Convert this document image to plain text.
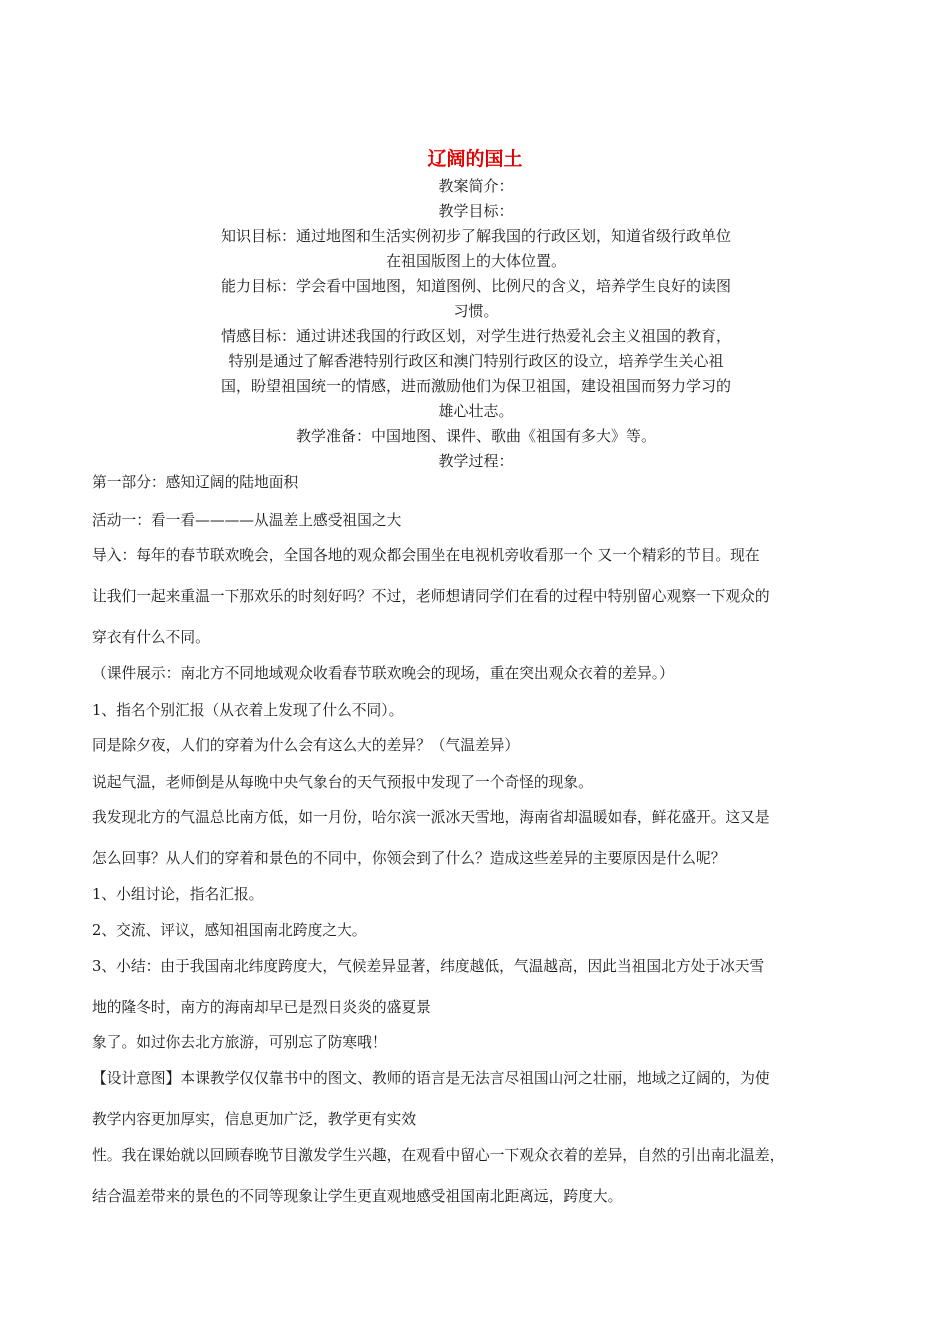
辽阔的国土

教案简介：

教学目标：

知识目标：通过地图和生活实例初步了解我国的行政区划，知道省级行政单位

在祖国版图上的大体位置。

能力目标：学会看中国地图，知道图例、比例尺的含义，培养学生良好的读图

习惯。

情感目标：通过讲述我国的行政区划，对学生进行热爱礼会主义祖国的教育，

特别是通过了解香港特别行政区和澳门特别行政区的设立，培养学生关心祖

国，盼望祖国统一的情感，进而激励他们为保卫祖国，建设祖国而努力学习的

雄心壮志。

教学准备：中国地图、课件、歌曲《祖国有多大》等。

教学过程：

第一部分：感知辽阔的陆地面积
活动一：看一看————从温差上感受祖国之大
导入：每年的春节联欢晚会，全国各地的观众都会围坐在电视机旁收看那一个 又一个精彩的节目。现在
让我们一起来重温一下那欢乐的时刻好吗？不过，老师想请同学们在看的过程中特别留心观察一下观众的
穿衣有什么不同。
（课件展示：南北方不同地域观众收看春节联欢晚会的现场，重在突出观众衣着的差异。）
1、指名个别汇报（从衣着上发现了什么不同）。
同是除夕夜，人们的穿着为什么会有这么大的差异？（气温差异）
说起气温，老师倒是从每晚中央气象台的天气预报中发现了一个奇怪的现象。
我发现北方的气温总比南方低，如一月份，哈尔滨一派冰天雪地，海南省却温暖如春，鲜花盛开。这又是
怎么回事？从人们的穿着和景色的不同中，你领会到了什么？造成这些差异的主要原因是什么呢？
1、小组讨论，指名汇报。
2、交流、评议，感知祖国南北跨度之大。
3、小结：由于我国南北纬度跨度大，气候差异显著，纬度越低，气温越高，因此当祖国北方处于冰天雪
地的隆冬时，南方的海南却早已是烈日炎炎的盛夏景
象了。如过你去北方旅游，可别忘了防寒哦！
【设计意图】本课教学仅仅靠书中的图文、教师的语言是无法言尽祖国山河之壮丽，地域之辽阔的，为使
教学内容更加厚实，信息更加广泛，教学更有实效
性。我在课始就以回顾春晚节目激发学生兴趣，在观看中留心一下观众衣着的差异，自然的引出南北温差，
结合温差带来的景色的不同等现象让学生更直观地感受祖国南北距离远，跨度大。
